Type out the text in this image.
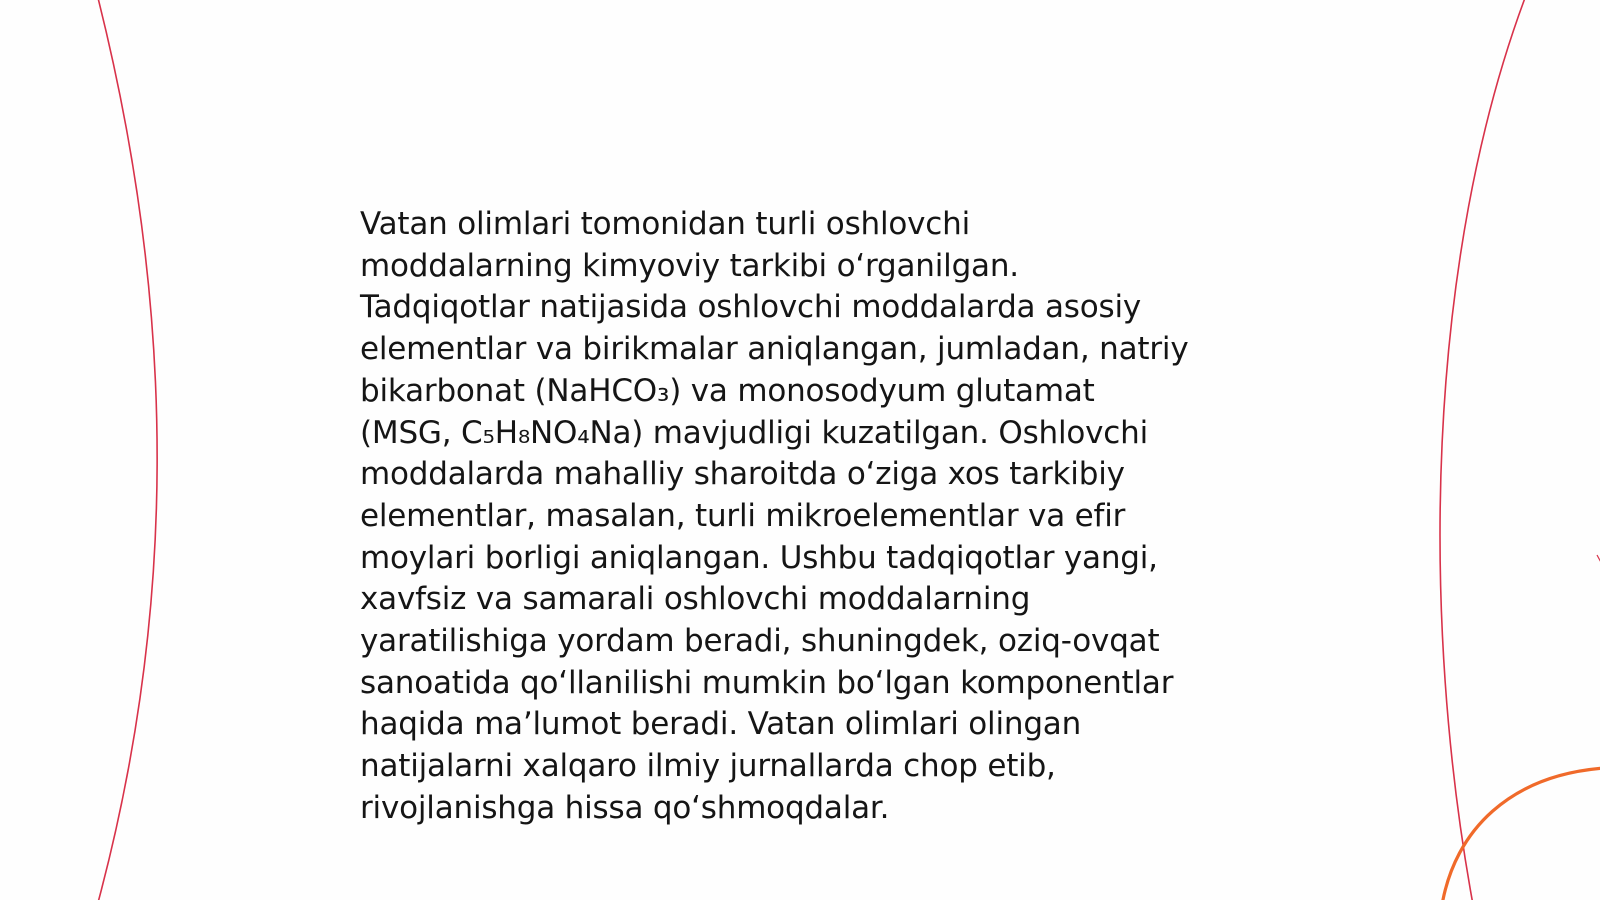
Vatan olimlari tomonidan turli oshlovchi
moddalarning kimyoviy tarkibi o‘rganilgan.
Tadqiqotlar natijasida oshlovchi moddalarda asosiy
elementlar va birikmalar aniqlangan, jumladan, natriy
bikarbonat (NaHCO₃) va monosodyum glutamat
(MSG, C₅H₈NO₄Na) mavjudligi kuzatilgan. Oshlovchi
moddalarda mahalliy sharoitda o‘ziga xos tarkibiy
elementlar, masalan, turli mikroelementlar va efir
moylari borligi aniqlangan. Ushbu tadqiqotlar yangi,
xavfsiz va samarali oshlovchi moddalarning
yaratilishiga yordam beradi, shuningdek, oziq-ovqat
sanoatida qo‘llanilishi mumkin bo‘lgan komponentlar
haqida ma’lumot beradi. Vatan olimlari olingan
natijalarni xalqaro ilmiy jurnallarda chop etib,
rivojlanishga hissa qo‘shmoqdalar.
